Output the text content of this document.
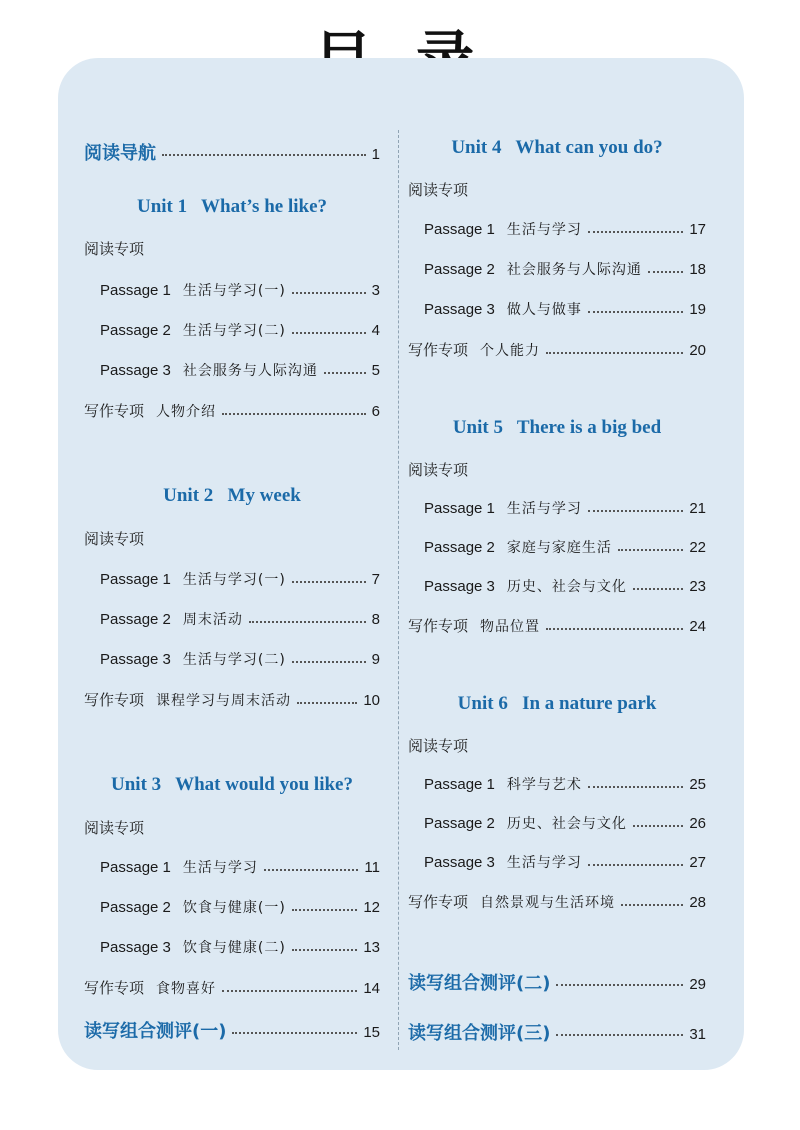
阅读导航	1
Unit 1   What’s he like?
阅读专项
Passage 1 生活与学习(一)	3
Passage 2 生活与学习(二)	4
Passage 3 社会服务与人际沟通	5
写作专项 人物介绍	6
Unit 2   My week
阅读专项
Passage 1 生活与学习(一)	7
Passage 2 周末活动	8
Passage 3 生活与学习(二)	9
写作专项 课程学习与周末活动	10
Unit 3   What would you like?
阅读专项
Passage 1 生活与学习	11
Passage 2 饮食与健康(一)	12
Passage 3 饮食与健康(二)	13
写作专项 食物喜好	14
读写组合测评(一)	15
Unit 4   What can you do?
阅读专项
Passage 1 生活与学习	17
Passage 2 社会服务与人际沟通	18
Passage 3 做人与做事	19
写作专项 个人能力	20
Unit 5   There is a big bed
阅读专项
Passage 1 生活与学习	21
Passage 2 家庭与家庭生活	22
Passage 3 历史、社会与文化	23
写作专项 物品位置	24
Unit 6   In a nature park
阅读专项
Passage 1 科学与艺术	25
Passage 2 历史、社会与文化	26
Passage 3 生活与学习	27
写作专项 自然景观与生活环境	28
读写组合测评(二)	29
读写组合测评(三)	31
